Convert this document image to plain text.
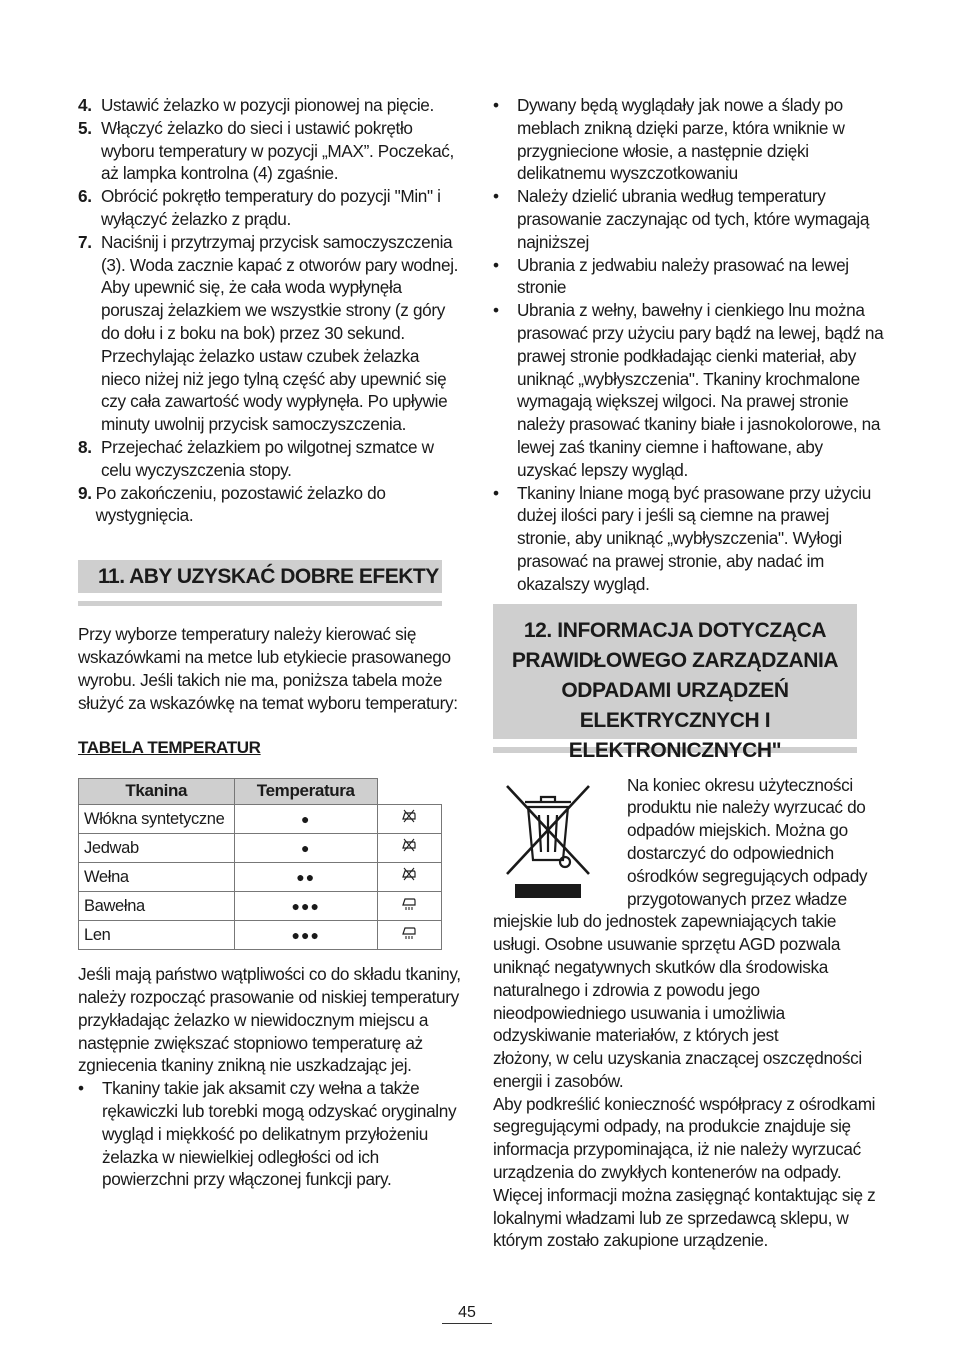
4. Ustawić żelazko w pozycji pionowej na pięcie.
5. Włączyć żelazko do sieci i ustawić pokrętło wyboru temperatury w pozycji „MAX”. Poczekać, aż lampka kontrolna (4) zgaśnie.
6. Obrócić pokrętło temperatury do pozycji "Min" i wyłączyć żelazko z prądu.
7. Naciśnij i przytrzymaj przycisk samoczyszczenia (3). Woda zacznie kapać z otworów pary wodnej. Aby upewnić się, że cała woda wypłynęła poruszaj żelazkiem we wszystkie strony (z góry do dołu i z boku na bok) przez 30 sekund. Przechylając żelazko ustaw czubek żelazka nieco niżej niż jego tylną część aby upewnić się czy cała zawartość wody wypłynęła. Po upływie minuty uwolnij przycisk samoczyszczenia.
8. Przejechać żelazkiem po wilgotnej szmatce w celu wyczyszczenia stopy.
9. Po zakończeniu, pozostawić żelazko do wystygnięcia.
11. ABY UZYSKAĆ DOBRE EFEKTY

Przy wyborze temperatury należy kierować się wskazówkami na metce lub etykiecie prasowanego wyrobu. Jeśli takich nie ma, poniższa tabela może służyć za wskazówkę na temat wyboru temperatury:

TABELA TEMPERATUR
Tkanina	Temperatura	
Włókna syntetyczne	●	
Jedwab	●	
Wełna	●●	
Bawełna	●●●	
Len	●●●	

Jeśli mają państwo wątpliwości co do składu tkaniny, należy rozpocząć prasowanie od niskiej temperatury przykładając żelazko w niewidocznym miejscu a następnie zwiększać stopniowo temperaturę aż zgniecenia tkaniny znikną nie uszkadzając jej.

•	Tkaniny takie jak aksamit czy wełna a także rękawiczki lub torebki mogą odzyskać oryginalny wygląd i miękkość po delikatnym przyłożeniu żelazka w niewielkiej odległości od ich powierzchni przy włączonej funkcji pary.
•	Dywany będą wyglądały jak nowe a ślady po meblach znikną dzięki parze, która wniknie w przygniecione włosie, a następnie dzięki delikatnemu wyszczotkowaniu
•	Należy dzielić ubrania według temperatury prasowanie zaczynając od tych, które wymagają najniższej
•	Ubrania z jedwabiu należy prasować na lewej stronie
•	Ubrania z wełny, bawełny i cienkiego lnu można prasować przy użyciu pary bądź na lewej, bądź na prawej stronie podkładając cienki materiał, aby uniknąć „wybłyszczenia". Tkaniny krochmalone wymagają większej wilgoci. Na prawej stronie należy prasować tkaniny białe i jasnokolorowe, na lewej zaś tkaniny ciemne i haftowane, aby uzyskać lepszy wygląd.
•	Tkaniny lniane mogą być prasowane przy użyciu dużej ilości pary i jeśli są ciemne na prawej stronie, aby uniknąć „wybłyszczenia". Wyłogi prasować na prawej stronie, aby nadać im okazalszy wygląd.
12. INFORMACJA DOTYCZĄCA
PRAWIDŁOWEGO ZARZĄDZANIA
ODPADAMI URZĄDZEŃ
ELEKTRYCZNYCH I ELEKTRONICZNYCH"
Na koniec okresu użyteczności produktu nie należy wyrzucać do odpadów miejskich. Można go dostarczyć do odpowiednich ośrodków segregujących odpady przygotowanych przez władze miejskie lub do jednostek zapewniających takie usługi. Osobne usuwanie sprzętu AGD pozwala uniknąć negatywnych skutków dla środowiska

naturalnego i zdrowia z powodu jego nieodpowiedniego usuwania i umożliwia odzyskiwanie materiałów, z których jest

złożony, w celu uzyskania znaczącej oszczędności energii i zasobów.

Aby podkreślić konieczność współpracy z ośrodkami segregującymi odpady, na produkcie znajduje się informacja przypominająca, iż nie należy wyrzucać urządzenia do zwykłych kontenerów na odpady. Więcej informacji można zasięgnąć kontaktując się z lokalnymi władzami lub ze sprzedawcą sklepu, w którym zostało zakupione urządzenie.

45
